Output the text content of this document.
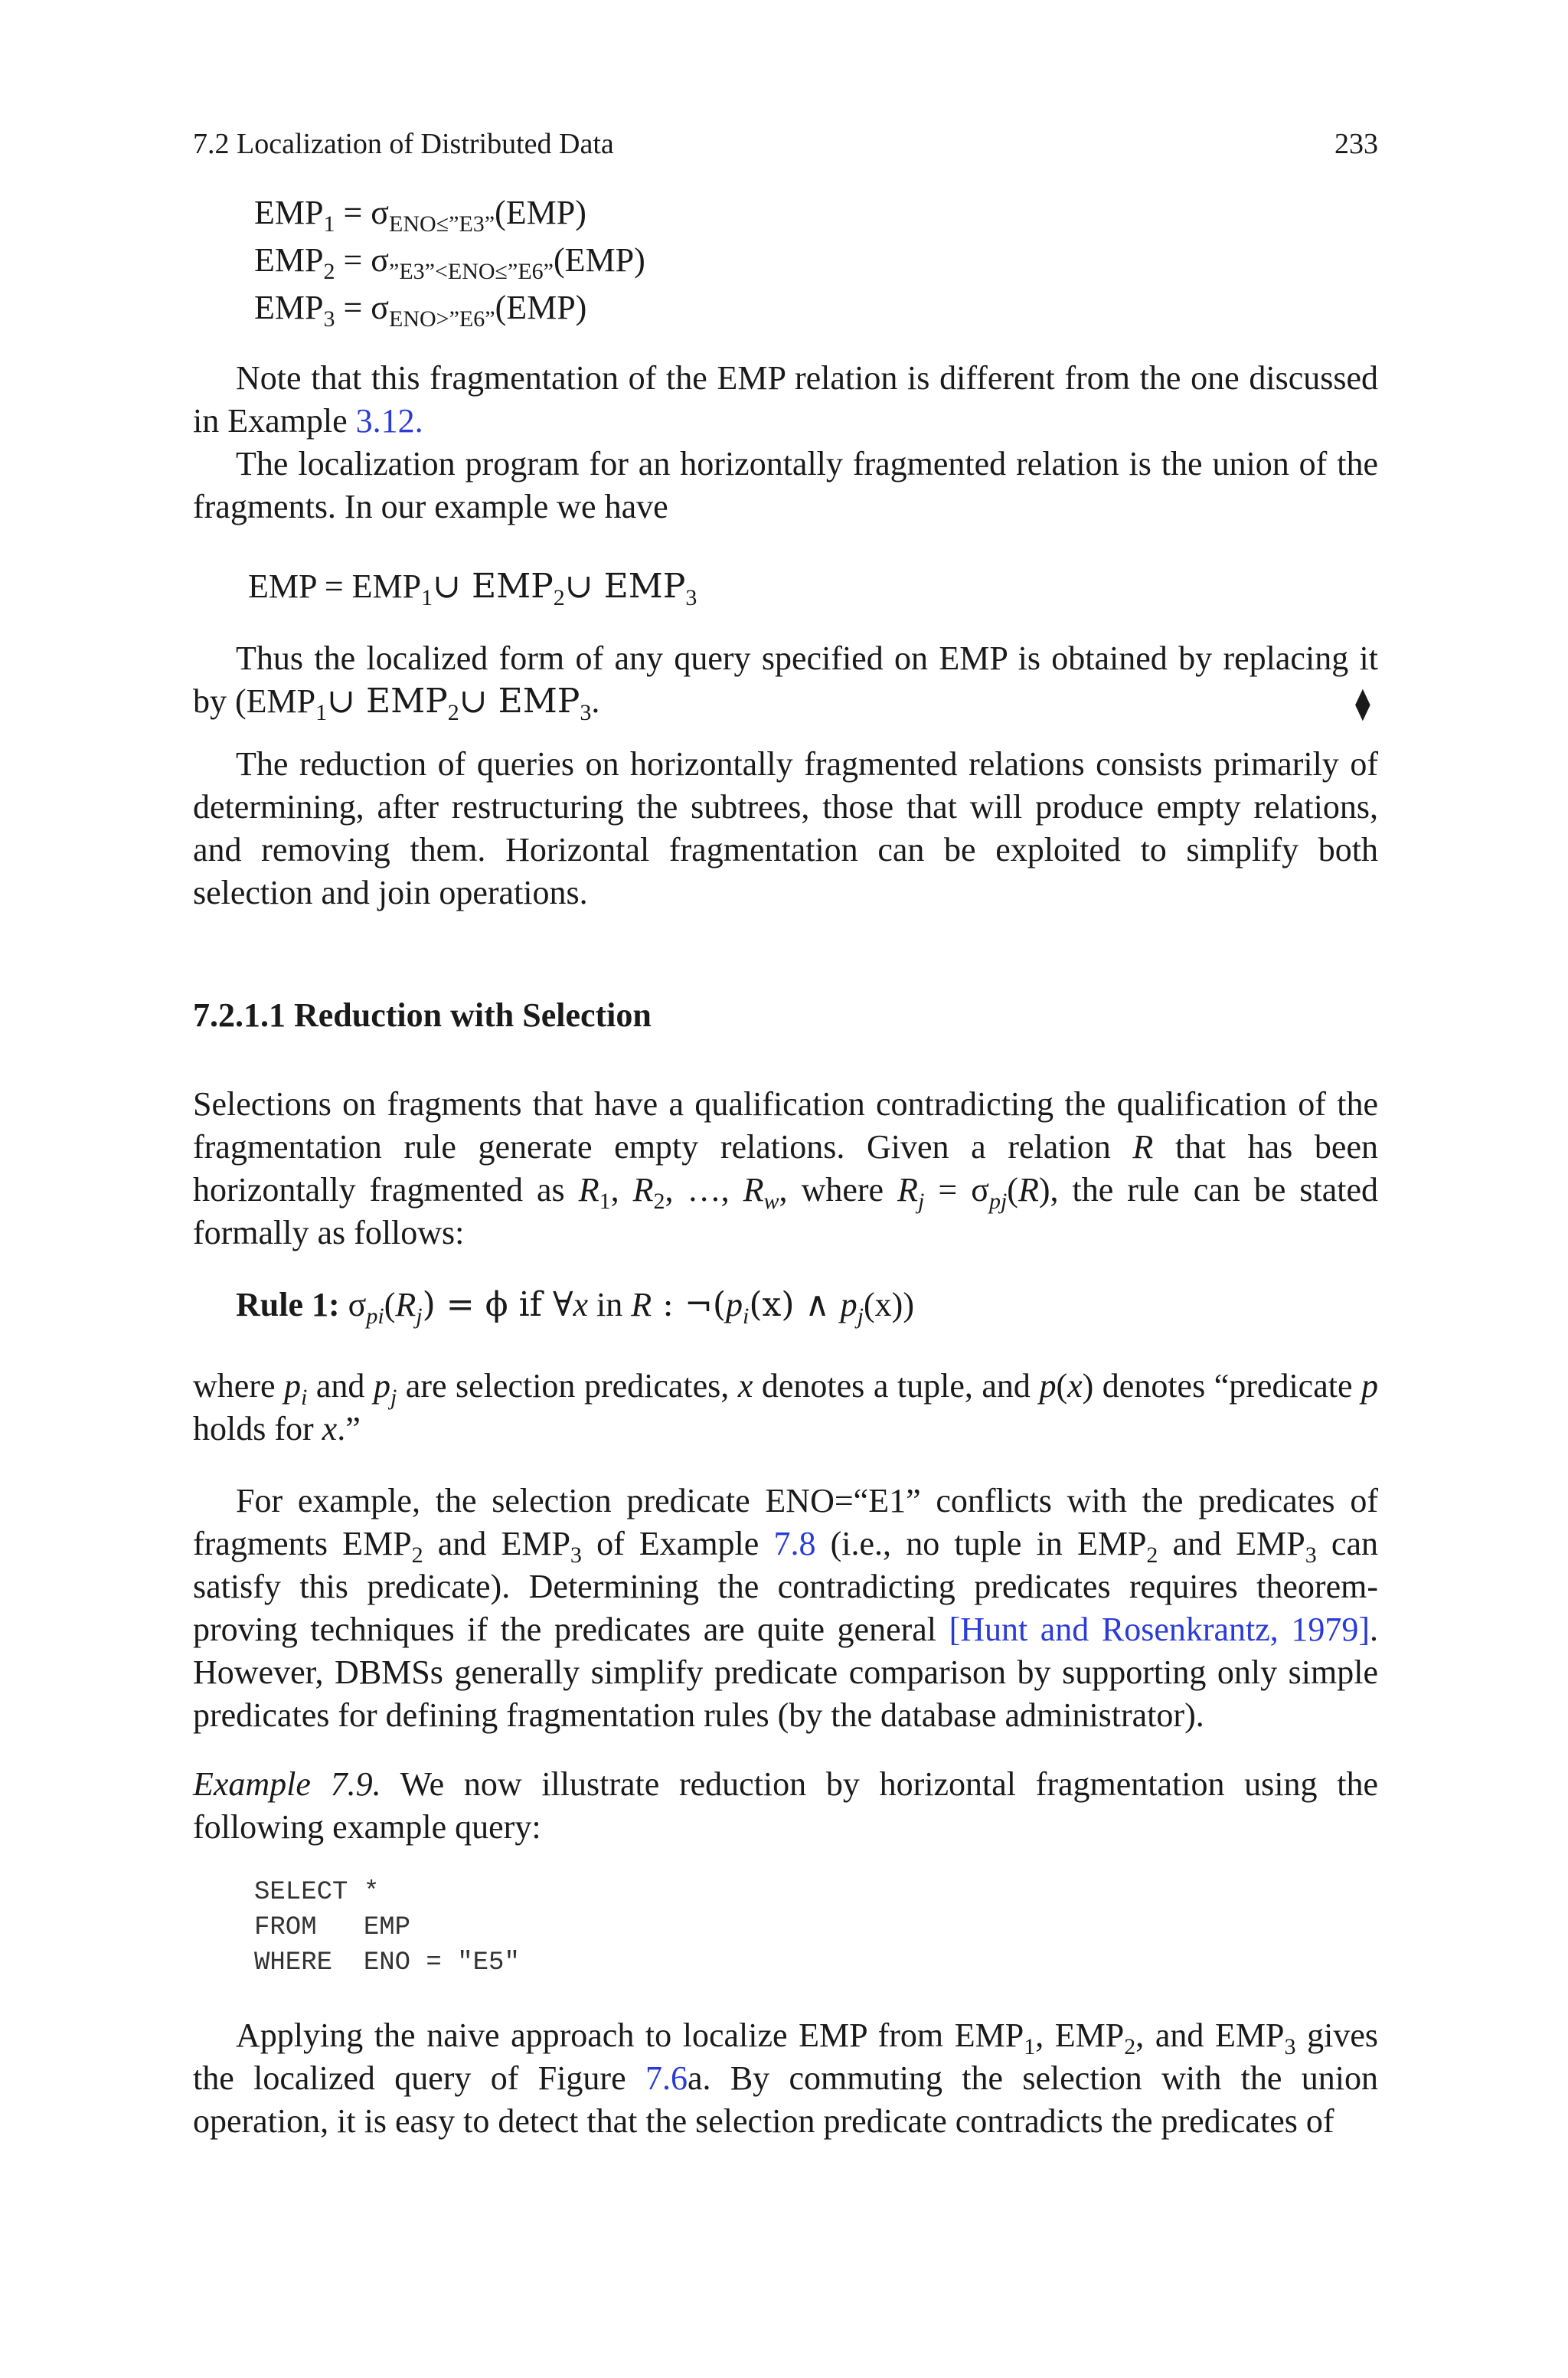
7.2 Localization of Distributed Data	233
$EMP_1 = \sigma_{ENO\le”E3”}(EMP)$
$EMP_2 = \sigma_{”E3”<ENO\le”E6”}(EMP)$
$EMP_3 = \sigma_{ENO>”E6”}(EMP)$
Note that this fragmentation of the EMP relation is different from the one discussed in Example 3.12.
The localization program for an horizontally fragmented relation is the union of the fragments. In our example we have
EMP = $EMP_1\cup$ $EMP_2\cup$ $EMP_3$
Thus the localized form of any query specified on EMP is obtained by replacing it by ($EMP_1\cup$ $EMP_2\cup$ $EMP_3$.	⧫
The reduction of queries on horizontally fragmented relations consists primarily of determining, after restructuring the subtrees, those that will produce empty relations, and removing them. Horizontal fragmentation can be exploited to simplify both selection and join operations.
7.2.1.1 Reduction with Selection
Selections on fragments that have a qualification contradicting the qualification of the fragmentation rule generate empty relations. Given a relation R that has been horizontally fragmented as $R_1$, $R_2$, …, $R_w$, where $R_j = \sigma_{pj}(R)$, the rule can be stated formally as follows:
Rule 1: $\sigma_{pi}(R_j) = \phi$ if ∀x in R : $\neg(p_i(x)$ ∧ $p_j(x)$)
where $p_i$ and $p_j$ are selection predicates, x denotes a tuple, and p(x) denotes “predicate p holds for x.”
For example, the selection predicate ENO=“E1” conflicts with the predicates of fragments $EMP_2$ and $EMP_3$ of Example 7.8 (i.e., no tuple in $EMP_2$ and $EMP_3$ can satisfy this predicate). Determining the contradicting predicates requires theorem-proving techniques if the predicates are quite general [Hunt and Rosenkrantz, 1979]. However, DBMSs generally simplify predicate comparison by supporting only simple predicates for defining fragmentation rules (by the database administrator).
Example 7.9. We now illustrate reduction by horizontal fragmentation using the following example query:
SELECT *
FROM   EMP
WHERE  ENO = "E5"
Applying the naive approach to localize EMP from $EMP_1$, $EMP_2$, and $EMP_3$ gives the localized query of Figure 7.6a. By commuting the selection with the union operation, it is easy to detect that the selection predicate contradicts the predicates of
